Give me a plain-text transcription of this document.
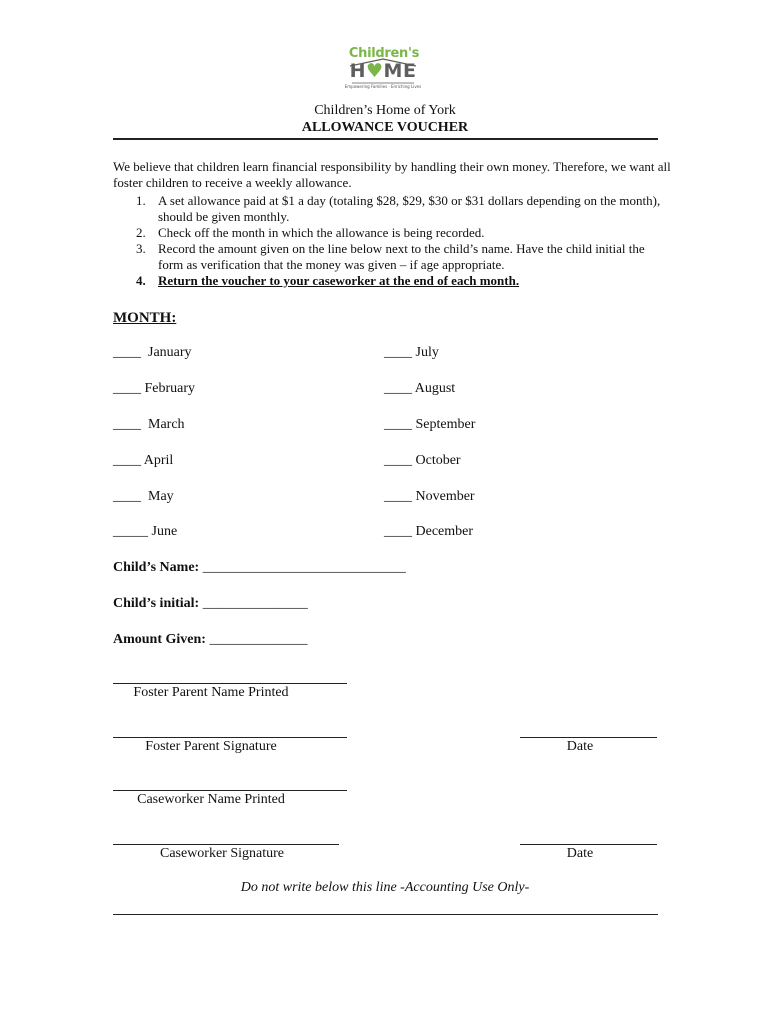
Children's
H♥ME
Empowering Families · Enriching Lives
Children’s Home of York
ALLOWANCE VOUCHER
We believe that children learn financial responsibility by handling their own money. Therefore, we want all foster children to receive a weekly allowance.
1. A set allowance paid at $1 a day (totaling $28, $29, $30 or $31 dollars depending on the month), should be given monthly.
2. Check off the month in which the allowance is being recorded.
3. Record the amount given on the line below next to the child’s name. Have the child initial the form as verification that the money was given – if age appropriate.
4. Return the voucher to your caseworker at the end of each month.
MONTH:
____  January
____ February
____  March
____ April
____  May
_____ June
____ July
____ August
____ September
____ October
____ November
____ December
Child’s Name: _____________________________
Child’s initial: _______________
Amount Given: ______________
Foster Parent Name Printed
Foster Parent Signature	Date
Caseworker Name Printed
Caseworker Signature	Date
Do not write below this line -Accounting Use Only-
